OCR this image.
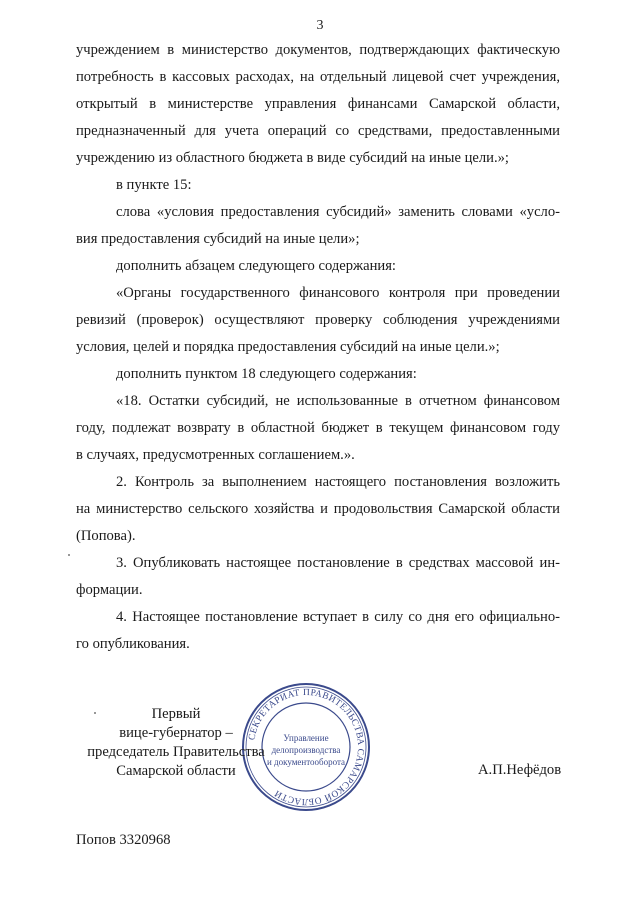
3
учреждением в министерство документов, подтверждающих фактическую
потребность в кассовых расходах, на отдельный лицевой счет учреждения,
открытый в министерстве управления финансами Самарской области,
предназначенный для учета операций со средствами, предоставленными
учреждению из областного бюджета в виде субсидий на иные цели.»;
в пункте 15:
слова «условия предоставления субсидий» заменить словами «усло-
вия предоставления субсидий на иные цели»;
дополнить абзацем следующего содержания:
«Органы государственного финансового контроля при проведении
ревизий (проверок) осуществляют проверку соблюдения учреждениями
условия, целей и порядка предоставления субсидий на иные цели.»;
дополнить пунктом 18 следующего содержания:
«18. Остатки субсидий, не использованные в отчетном финансовом
году, подлежат возврату в областной бюджет в текущем финансовом году
в случаях, предусмотренных соглашением.».
2. Контроль за выполнением настоящего постановления возложить
на министерство сельского хозяйства и продовольствия Самарской области
(Попова).
3. Опубликовать настоящее постановление в средствах массовой ин-
формации.
4. Настоящее постановление вступает в силу со дня его официально-
го опубликования.
СЕКРЕТАРИАТ ПРАВИТЕЛЬСТВА САМАРСКОЙ ОБЛАСТИ
Управление
делопроизводства
и документооборота
Первый
вице-губернатор –
председатель Правительства
Самарской области	А.П.Нефёдов
Попов 3320968
